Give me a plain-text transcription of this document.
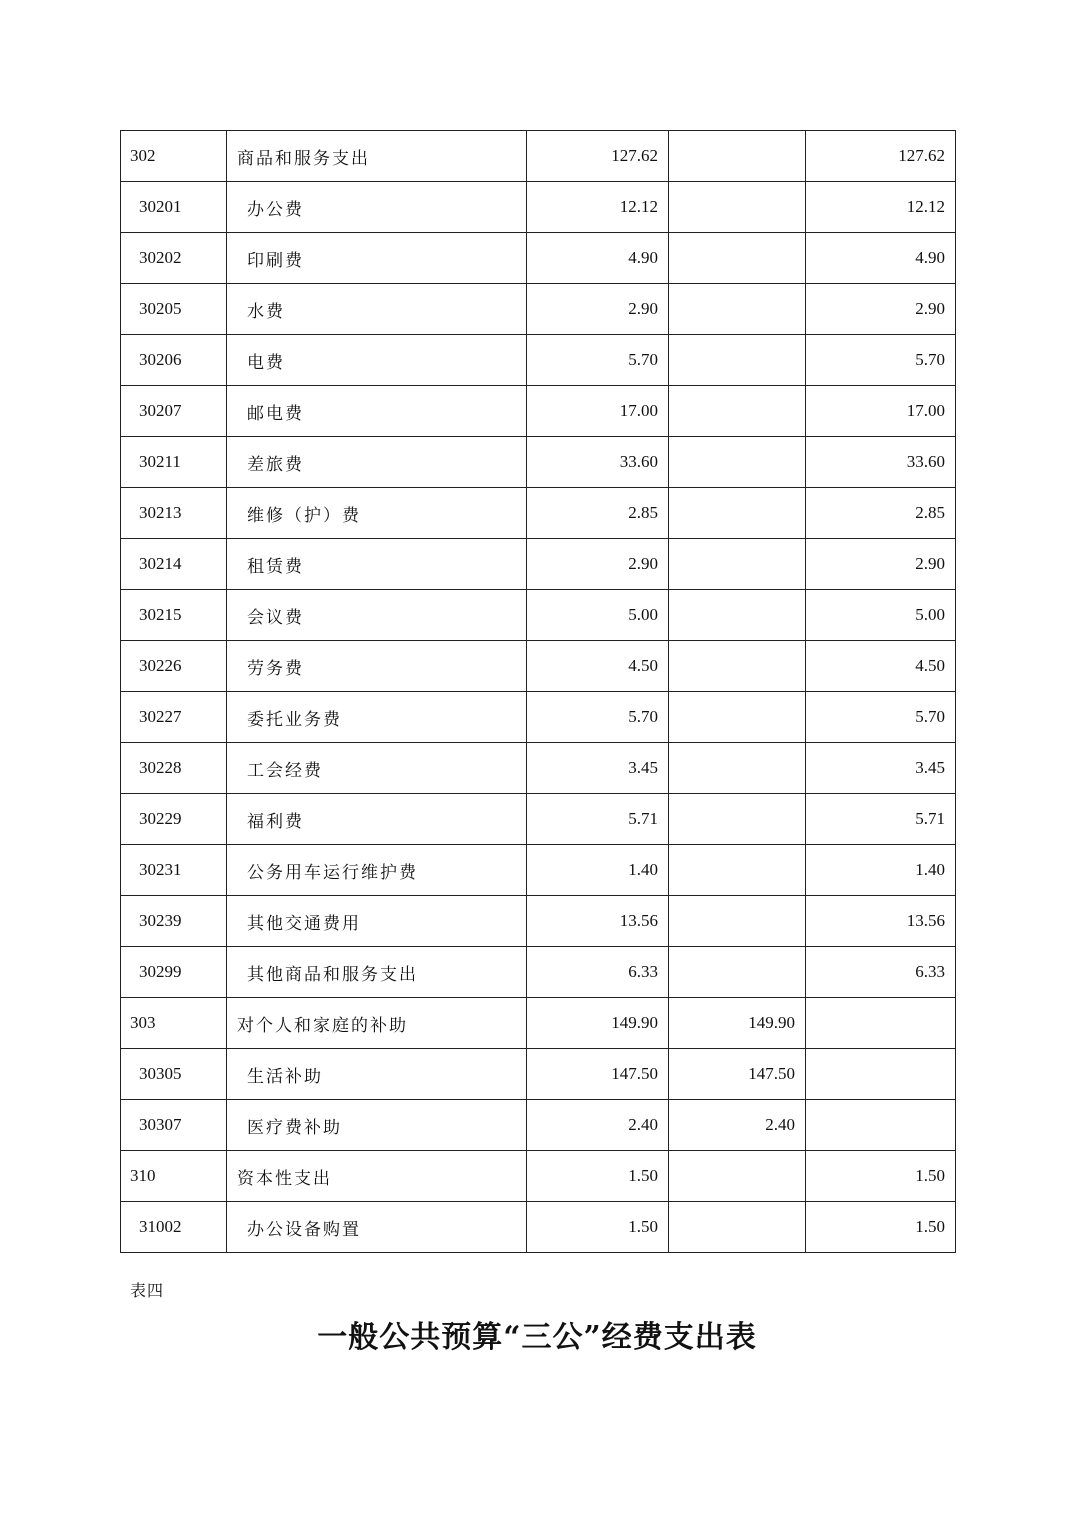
302	商品和服务支出	127.62		127.62
30201	办公费	12.12		12.12
30202	印刷费	4.90		4.90
30205	水费	2.90		2.90
30206	电费	5.70		5.70
30207	邮电费	17.00		17.00
30211	差旅费	33.60		33.60
30213	维修（护）费	2.85		2.85
30214	租赁费	2.90		2.90
30215	会议费	5.00		5.00
30226	劳务费	4.50		4.50
30227	委托业务费	5.70		5.70
30228	工会经费	3.45		3.45
30229	福利费	5.71		5.71
30231	公务用车运行维护费	1.40		1.40
30239	其他交通费用	13.56		13.56
30299	其他商品和服务支出	6.33		6.33
303	对个人和家庭的补助	149.90	149.90	
30305	生活补助	147.50	147.50	
30307	医疗费补助	2.40	2.40	
310	资本性支出	1.50		1.50
31002	办公设备购置	1.50		1.50
表四
一般公共预算“三公”经费支出表
